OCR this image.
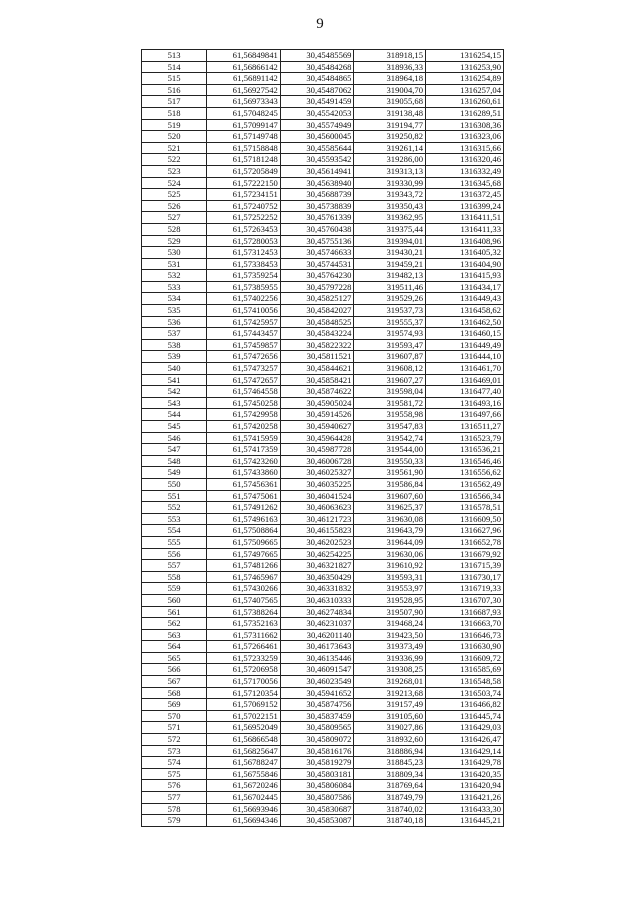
9
513	61,56849841	30,45485569	318918,15	1316254,15
514	61,56866142	30,45484268	318936,33	1316253,90
515	61,56891142	30,45484865	318964,18	1316254,89
516	61,56927542	30,45487062	319004,70	1316257,04
517	61,56973343	30,45491459	319055,68	1316260,61
518	61,57048245	30,45542053	319138,48	1316289,51
519	61,57099147	30,45574949	319194,77	1316308,36
520	61,57149748	30,45600045	319250,82	1316323,06
521	61,57158848	30,45585644	319261,14	1316315,66
522	61,57181248	30,45593542	319286,00	1316320,46
523	61,57205849	30,45614941	319313,13	1316332,49
524	61,57222150	30,45638940	319330,99	1316345,68
525	61,57234151	30,45688739	319343,72	1316372,45
526	61,57240752	30,45738839	319350,43	1316399,24
527	61,57252252	30,45761339	319362,95	1316411,51
528	61,57263453	30,45760438	319375,44	1316411,33
529	61,57280053	30,45755136	319394,01	1316408,96
530	61,57312453	30,45746633	319430,21	1316405,32
531	61,57338453	30,45744531	319459,21	1316404,90
532	61,57359254	30,45764230	319482,13	1316415,93
533	61,57385955	30,45797228	319511,46	1316434,17
534	61,57402256	30,45825127	319529,26	1316449,43
535	61,57410056	30,45842027	319537,73	1316458,62
536	61,57425957	30,45848525	319555,37	1316462,50
537	61,57443457	30,45843224	319574,93	1316460,15
538	61,57459857	30,45822322	319593,47	1316449,49
539	61,57472656	30,45811521	319607,87	1316444,10
540	61,57473257	30,45844621	319608,12	1316461,70
541	61,57472657	30,45858421	319607,27	1316469,01
542	61,57464558	30,45874622	319598,04	1316477,40
543	61,57450258	30,45905024	319581,72	1316493,16
544	61,57429958	30,45914526	319558,98	1316497,66
545	61,57420258	30,45940627	319547,83	1316511,27
546	61,57415959	30,45964428	319542,74	1316523,79
547	61,57417359	30,45987728	319544,00	1316536,21
548	61,57423260	30,46006728	319550,33	1316546,46
549	61,57433860	30,46025327	319561,90	1316556,62
550	61,57456361	30,46035225	319586,84	1316562,49
551	61,57475061	30,46041524	319607,60	1316566,34
552	61,57491262	30,46063623	319625,37	1316578,51
553	61,57496163	30,46121723	319630,08	1316609,50
554	61,57508864	30,46155823	319643,79	1316627,96
555	61,57509665	30,46202523	319644,09	1316652,78
556	61,57497665	30,46254225	319630,06	1316679,92
557	61,57481266	30,46321827	319610,92	1316715,39
558	61,57465967	30,46350429	319593,31	1316730,17
559	61,57430266	30,46331832	319553,97	1316719,33
560	61,57407565	30,46310333	319528,95	1316707,30
561	61,57388264	30,46274834	319507,90	1316687,93
562	61,57352163	30,46231037	319468,24	1316663,70
563	61,57311662	30,46201140	319423,50	1316646,73
564	61,57266461	30,46173643	319373,49	1316630,90
565	61,57233259	30,46135446	319336,99	1316609,72
566	61,57206958	30,46091547	319308,25	1316585,69
567	61,57170056	30,46023549	319268,01	1316548,58
568	61,57120354	30,45941652	319213,68	1316503,74
569	61,57069152	30,45874756	319157,49	1316466,82
570	61,57022151	30,45837459	319105,60	1316445,74
571	61,56952049	30,45809565	319027,86	1316429,03
572	61,56866548	30,45809072	318932,60	1316426,47
573	61,56825647	30,45816176	318886,94	1316429,14
574	61,56788247	30,45819279	318845,23	1316429,78
575	61,56755846	30,45803181	318809,34	1316420,35
576	61,56720246	30,45806084	318769,64	1316420,94
577	61,56702445	30,45807586	318749,79	1316421,26
578	61,56693946	30,45830687	318740,02	1316433,30
579	61,56694346	30,45853087	318740,18	1316445,21
